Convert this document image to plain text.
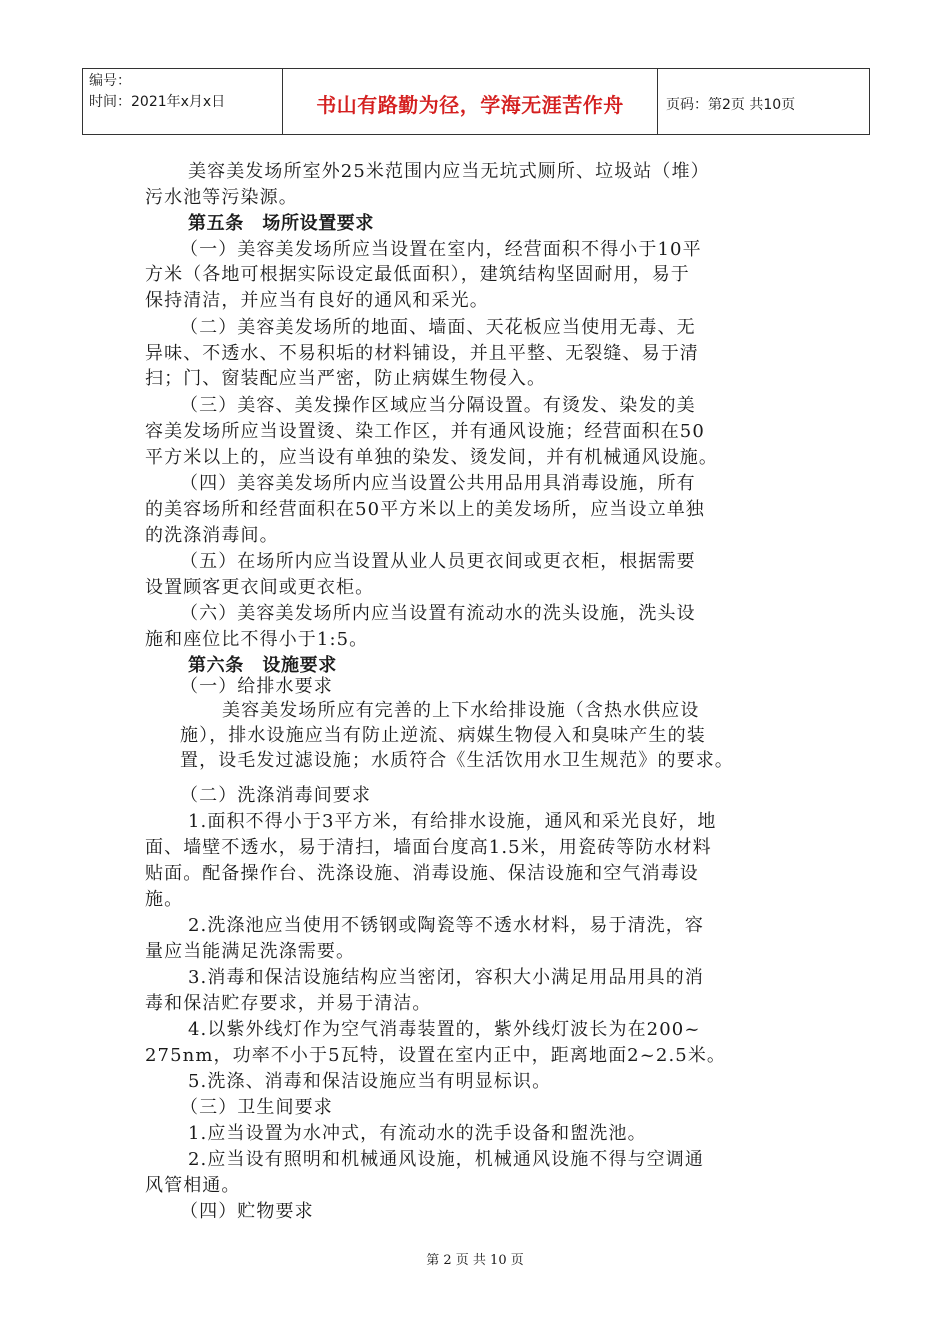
编号：
时间：2021年x月x日	书山有路勤为径，学海无涯苦作舟	页码：第2页 共10页
美容美发场所室外25米范围内应当无坑式厕所、垃圾站（堆）
污水池等污染源。
第五条　场所设置要求
（一）美容美发场所应当设置在室内，经营面积不得小于10平
方米（各地可根据实际设定最低面积），建筑结构坚固耐用，易于
保持清洁，并应当有良好的通风和采光。
（二）美容美发场所的地面、墙面、天花板应当使用无毒、无
异味、不透水、不易积垢的材料铺设，并且平整、无裂缝、易于清
扫；门、窗装配应当严密，防止病媒生物侵入。
（三）美容、美发操作区域应当分隔设置。有烫发、染发的美
容美发场所应当设置烫、染工作区，并有通风设施；经营面积在50
平方米以上的，应当设有单独的染发、烫发间，并有机械通风设施。
（四）美容美发场所内应当设置公共用品用具消毒设施，所有
的美容场所和经营面积在50平方米以上的美发场所，应当设立单独
的洗涤消毒间。
（五）在场所内应当设置从业人员更衣间或更衣柜，根据需要
设置顾客更衣间或更衣柜。
（六）美容美发场所内应当设置有流动水的洗头设施，洗头设
施和座位比不得小于1:5。
第六条　设施要求
（一）给排水要求
美容美发场所应有完善的上下水给排设施（含热水供应设
施），排水设施应当有防止逆流、病媒生物侵入和臭味产生的装
置，设毛发过滤设施；水质符合《生活饮用水卫生规范》的要求。
（二）洗涤消毒间要求
1.面积不得小于3平方米，有给排水设施，通风和采光良好，地
面、墙壁不透水，易于清扫，墙面台度高1.5米，用瓷砖等防水材料
贴面。配备操作台、洗涤设施、消毒设施、保洁设施和空气消毒设
施。
2.洗涤池应当使用不锈钢或陶瓷等不透水材料，易于清洗，容
量应当能满足洗涤需要。
3.消毒和保洁设施结构应当密闭，容积大小满足用品用具的消
毒和保洁贮存要求，并易于清洁。
4.以紫外线灯作为空气消毒装置的，紫外线灯波长为在200~
275nm，功率不小于5瓦特，设置在室内正中，距离地面2~2.5米。
5.洗涤、消毒和保洁设施应当有明显标识。
（三）卫生间要求
1.应当设置为水冲式，有流动水的洗手设备和盥洗池。
2.应当设有照明和机械通风设施，机械通风设施不得与空调通
风管相通。
（四）贮物要求
第 2 页 共 10 页
